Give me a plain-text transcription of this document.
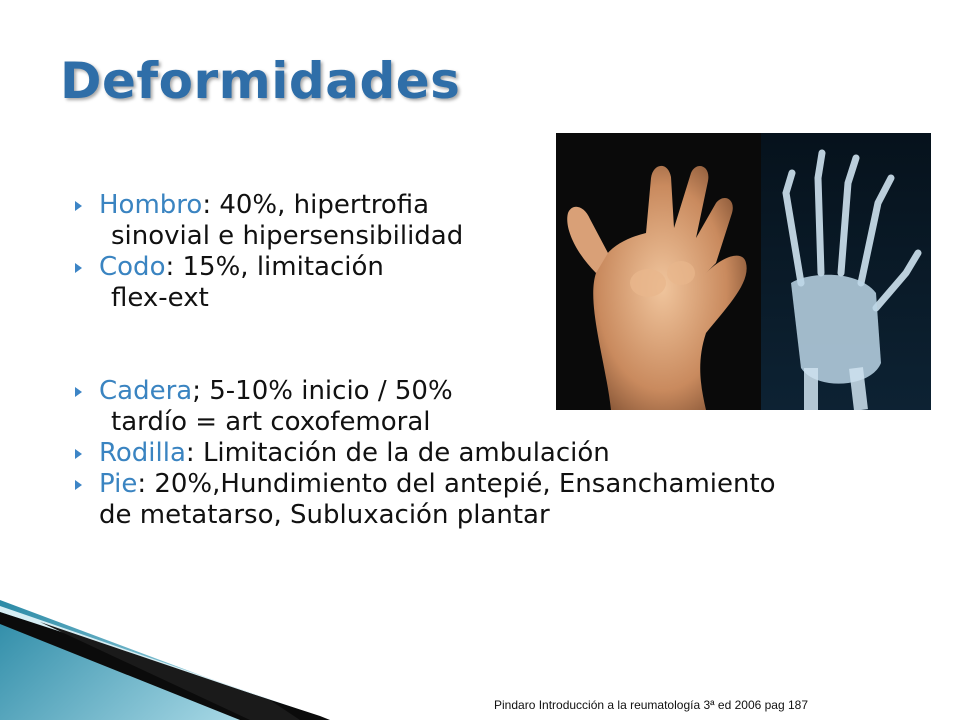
Deformidades
Hombro: 40%, hipertrofia
sinovial e hipersensibilidad
Codo: 15%, limitación
flex-ext
Cadera; 5-10% inicio / 50%
tardío = art coxofemoral
Rodilla: Limitación de la de ambulación
Pie: 20%,Hundimiento del antepié, Ensanchamiento
de metatarso, Subluxación plantar
Pindaro Introducción a la reumatología 3ª ed 2006 pag 187
